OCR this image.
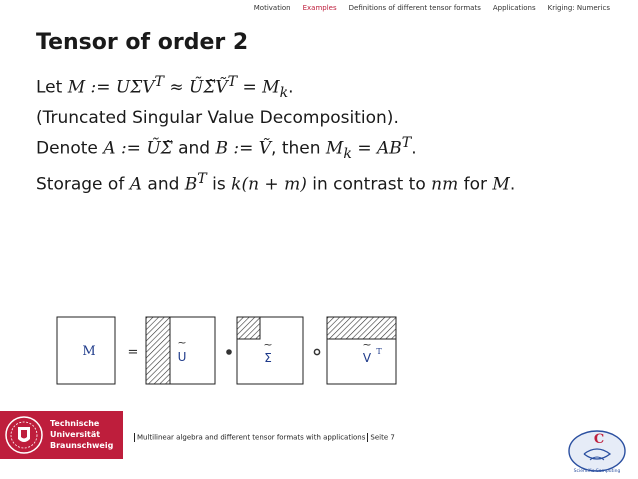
Motivation Examples Definitions of different tensor formats Applications Kriging: Numerics
Tensor of order 2
Let M := $U\Sigma V^T$ ≈ ŨΣ̃Ṽ$^T$ = $M_k$.
(Truncated Singular Value Decomposition).
Denote A := ŨΣ̃ and B := Ṽ, then $M_k = AB^T$.
Storage of A and $B^T$ is k(n + m) in contrast to nm for M.
M =
~
U
~
Σ
~
V T
Technische
Universität
Braunschweig
Multilinear algebra and different tensor formats with applications Seite 7	C
Scientific Computing
